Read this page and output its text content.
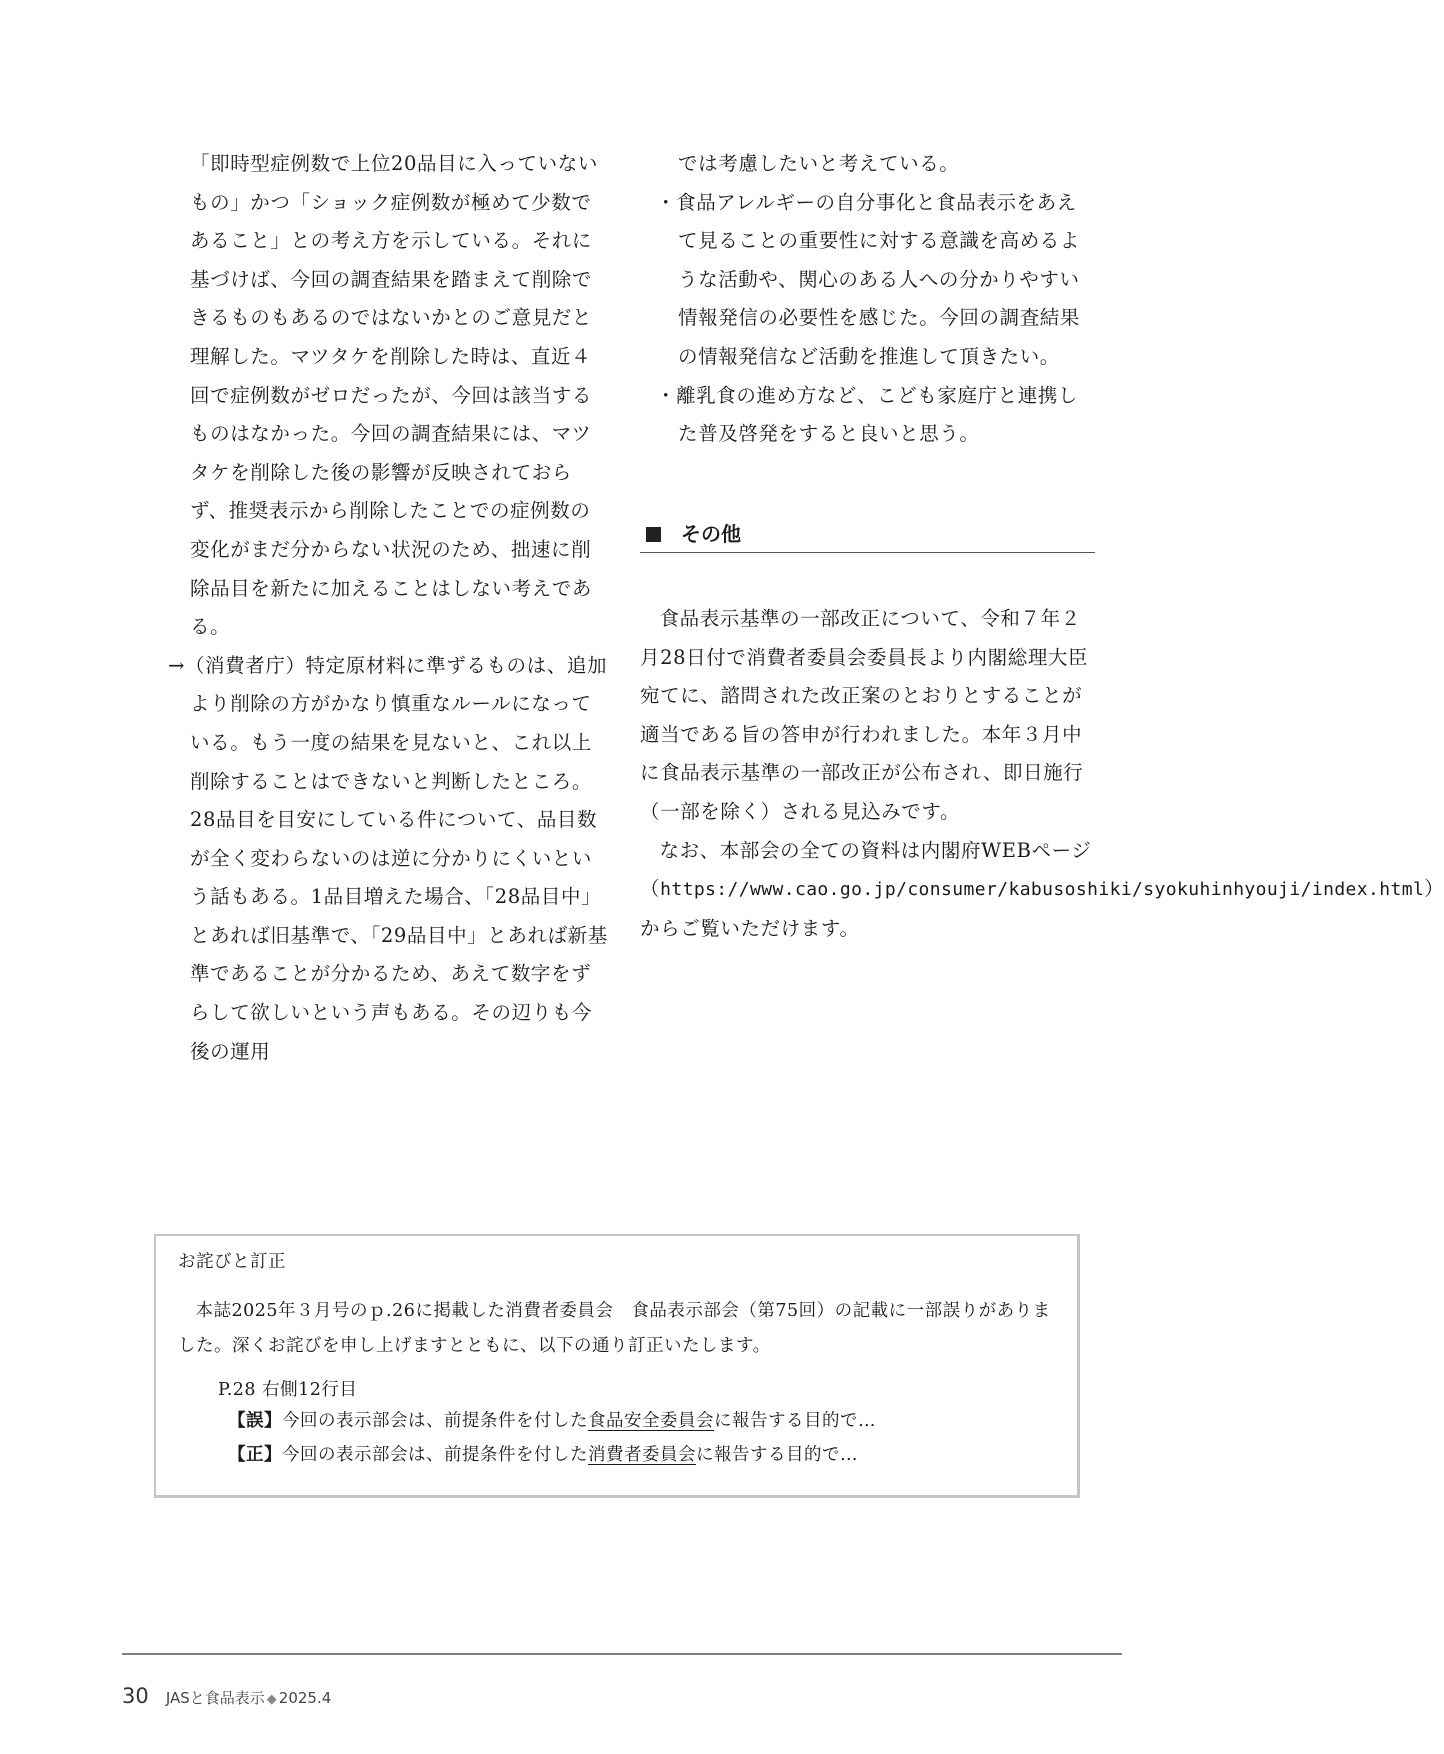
「即時型症例数で上位20品目に入っていないもの」かつ「ショック症例数が極めて少数であること」との考え方を示している。それに基づけば、今回の調査結果を踏まえて削除できるものもあるのではないかとのご意見だと理解した。マツタケを削除した時は、直近４回で症例数がゼロだったが、今回は該当するものはなかった。今回の調査結果には、マツタケを削除した後の影響が反映されておらず、推奨表示から削除したことでの症例数の変化がまだ分からない状況のため、拙速に削除品目を新たに加えることはしない考えである。

→（消費者庁）特定原材料に準ずるものは、追加より削除の方がかなり慎重なルールになっている。もう一度の結果を見ないと、これ以上削除することはできないと判断したところ。28品目を目安にしている件について、品目数が全く変わらないのは逆に分かりにくいという話もある。1品目増えた場合、「28品目中」とあれば旧基準で、「29品目中」とあれば新基準であることが分かるため、あえて数字をずらして欲しいという声もある。その辺りも今後の運用

では考慮したいと考えている。

・食品アレルギーの自分事化と食品表示をあえて見ることの重要性に対する意識を高めるような活動や、関心のある人への分かりやすい情報発信の必要性を感じた。今回の調査結果の情報発信など活動を推進して頂きたい。

・離乳食の進め方など、こども家庭庁と連携した普及啓発をすると良いと思う。

その他

食品表示基準の一部改正について、令和７年２月28日付で消費者委員会委員長より内閣総理大臣宛てに、諮問された改正案のとおりとすることが適当である旨の答申が行われました。本年３月中に食品表示基準の一部改正が公布され、即日施行（一部を除く）される見込みです。

なお、本部会の全ての資料は内閣府WEBページ（https://www.cao.go.jp/consumer/kabusoshiki/syokuhinhyouji/index.html）からご覧いただけます。

お詫びと訂正
本誌2025年３月号のｐ.26に掲載した消費者委員会　食品表示部会（第75回）の記載に一部誤りがありました。深くお詫びを申し上げますとともに、以下の通り訂正いたします。
P.28 右側12行目
【誤】今回の表示部会は、前提条件を付した食品安全委員会に報告する目的で…
【正】今回の表示部会は、前提条件を付した消費者委員会に報告する目的で…
30 JASと食品表示 ◆ 2025.4
